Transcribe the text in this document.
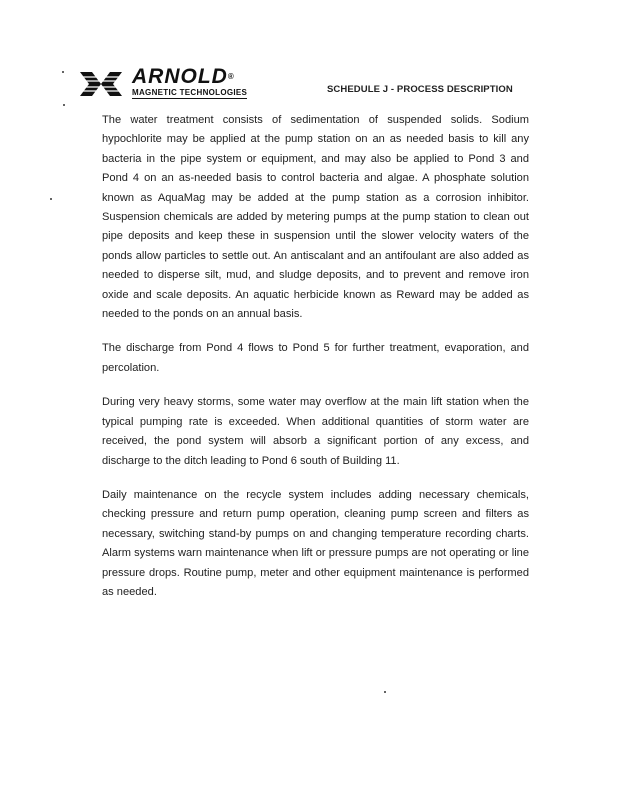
ARNOLD®
MAGNETIC TECHNOLOGIES	SCHEDULE J - PROCESS DESCRIPTION

The water treatment consists of sedimentation of suspended solids. Sodium hypochlorite may be applied at the pump station on an as needed basis to kill any bacteria in the pipe system or equipment, and may also be applied to Pond 3 and Pond 4 on an as-needed basis to control bacteria and algae. A phosphate solution known as AquaMag may be added at the pump station as a corrosion inhibitor. Suspension chemicals are added by metering pumps at the pump station to clean out pipe deposits and keep these in suspension until the slower velocity waters of the ponds allow particles to settle out. An antiscalant and an antifoulant are also added as needed to disperse silt, mud, and sludge deposits, and to prevent and remove iron oxide and scale deposits. An aquatic herbicide known as Reward may be added as needed to the ponds on an annual basis.

The discharge from Pond 4 flows to Pond 5 for further treatment, evaporation, and percolation.

During very heavy storms, some water may overflow at the main lift station when the typical pumping rate is exceeded. When additional quantities of storm water are received, the pond system will absorb a significant portion of any excess, and discharge to the ditch leading to Pond 6 south of Building 11.

Daily maintenance on the recycle system includes adding necessary chemicals, checking pressure and return pump operation, cleaning pump screen and filters as necessary, switching stand-by pumps on and changing temperature recording charts. Alarm systems warn maintenance when lift or pressure pumps are not operating or line pressure drops. Routine pump, meter and other equipment maintenance is performed as needed.
